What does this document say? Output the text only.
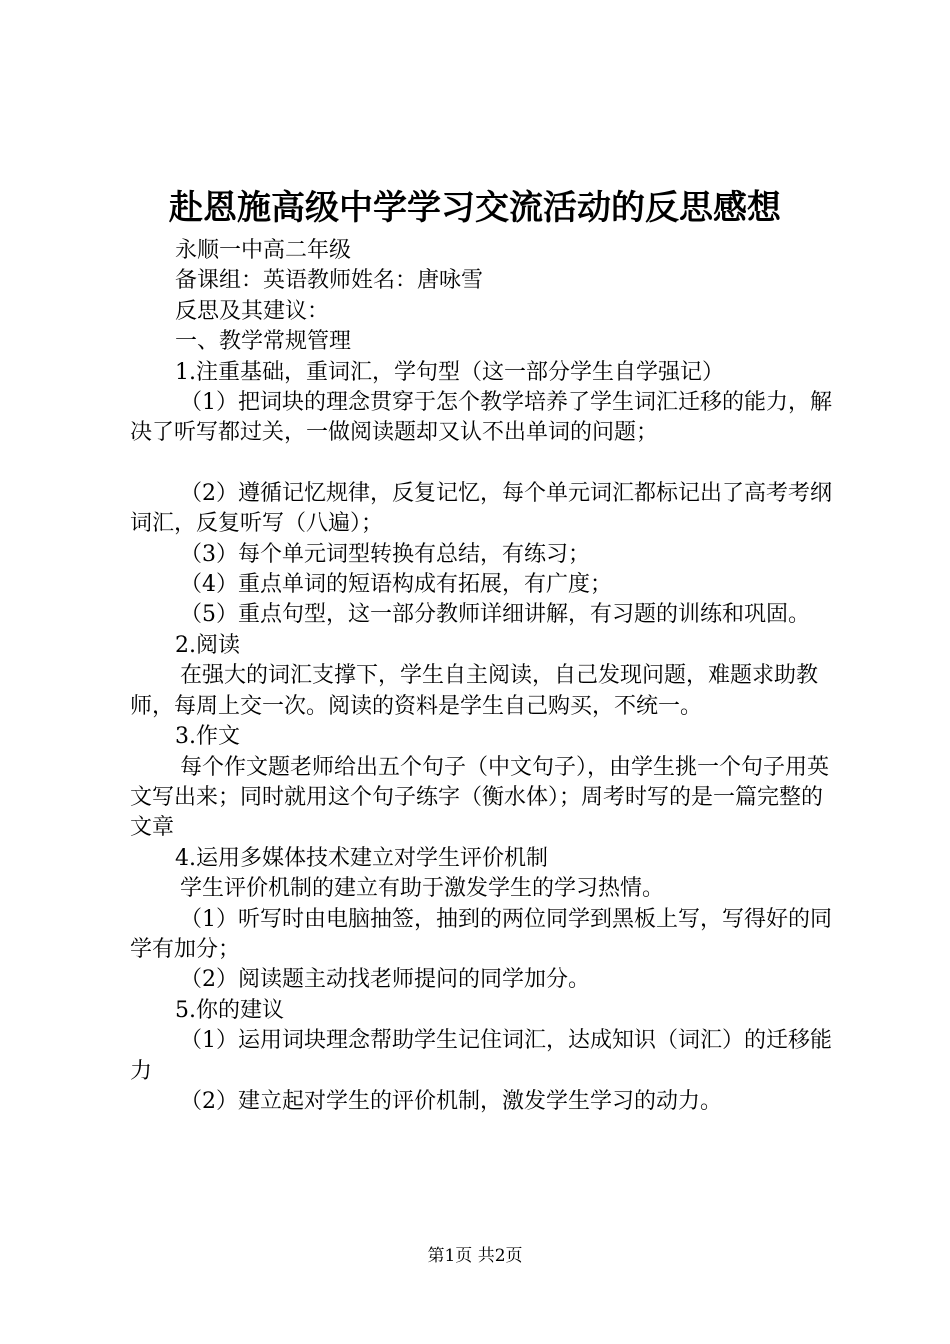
赴恩施高级中学学习交流活动的反思感想

永顺一中高二年级

备课组：英语教师姓名：唐咏雪

反思及其建议：

一、教学常规管理

1.注重基础，重词汇，学句型（这一部分学生自学强记）

（1）把词块的理念贯穿于怎个教学培养了学生词汇迁移的能力，解决了听写都过关，一做阅读题却又认不出单词的问题；

（2）遵循记忆规律，反复记忆，每个单元词汇都标记出了高考考纲词汇，反复听写（八遍）；

（3）每个单元词型转换有总结，有练习；

（4）重点单词的短语构成有拓展，有广度；

（5）重点句型，这一部分教师详细讲解，有习题的训练和巩固。

2.阅读

在强大的词汇支撑下，学生自主阅读，自己发现问题，难题求助教师，每周上交一次。阅读的资料是学生自己购买，不统一。

3.作文

每个作文题老师给出五个句子（中文句子），由学生挑一个句子用英文写出来；同时就用这个句子练字（衡水体）；周考时写的是一篇完整的文章

4.运用多媒体技术建立对学生评价机制

学生评价机制的建立有助于激发学生的学习热情。

（1）听写时由电脑抽签，抽到的两位同学到黑板上写，写得好的同学有加分；

（2）阅读题主动找老师提问的同学加分。

5.你的建议

（1）运用词块理念帮助学生记住词汇，达成知识（词汇）的迁移能力

（2）建立起对学生的评价机制，激发学生学习的动力。

第1页 共2页
